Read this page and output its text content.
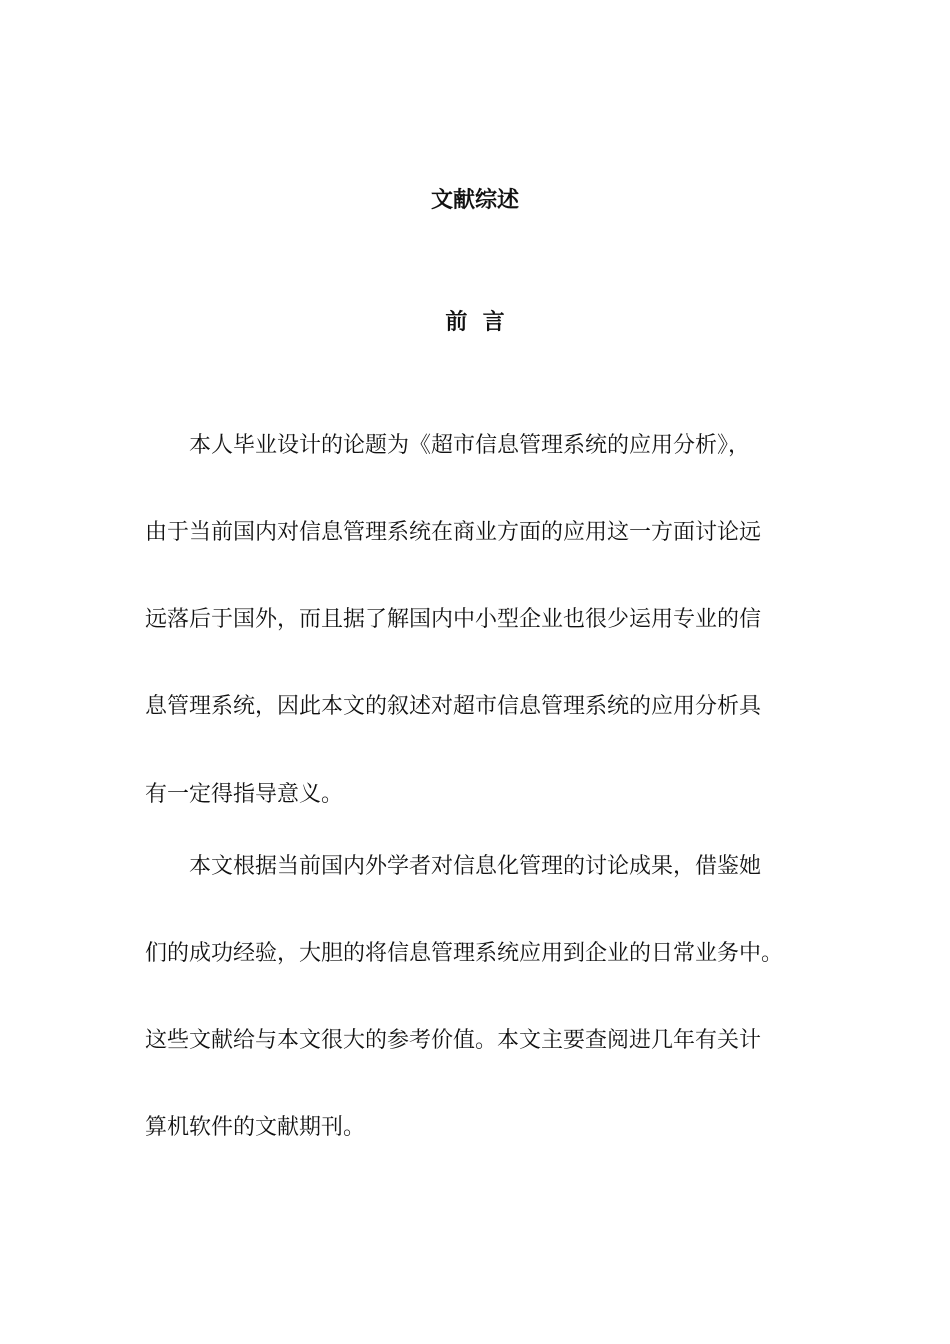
文献综述
前  言

本人毕业设计的论题为《超市信息管理系统的应用分析》，

由于当前国内对信息管理系统在商业方面的应用这一方面讨论远

远落后于国外，而且据了解国内中小型企业也很少运用专业的信

息管理系统，因此本文的叙述对超市信息管理系统的应用分析具

有一定得指导意义。

本文根据当前国内外学者对信息化管理的讨论成果，借鉴她

们的成功经验，大胆的将信息管理系统应用到企业的日常业务中。

这些文献给与本文很大的参考价值。本文主要查阅进几年有关计

算机软件的文献期刊。
